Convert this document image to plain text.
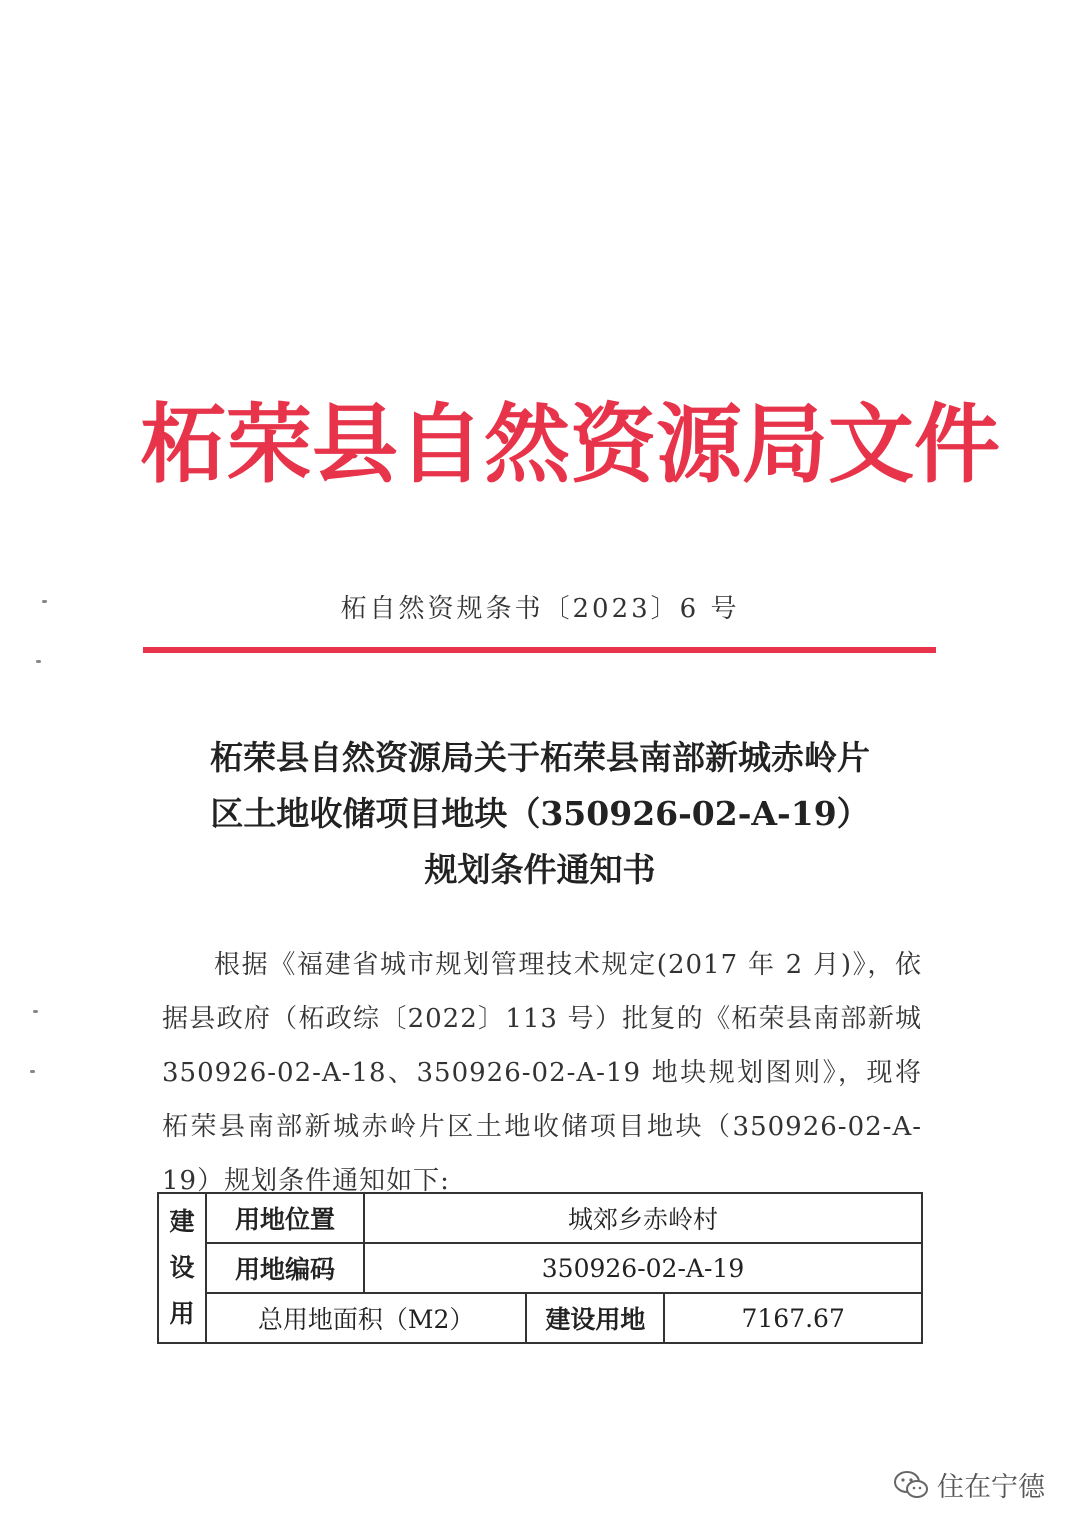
柘荣县自然资源局文件
柘自然资规条书〔2023〕6 号
柘荣县自然资源局关于柘荣县南部新城赤岭片
区土地收储项目地块（350926-02-A-19）
规划条件通知书
根据《福建省城市规划管理技术规定(2017 年 2 月)》，依据县政府（柘政综〔2022〕113 号）批复的《柘荣县南部新城 350926-02-A-18、350926-02-A-19 地块规划图则》，现将柘荣县南部新城赤岭片区土地收储项目地块（350926-02-A-19）规划条件通知如下:
建
设
用	用地位置	城郊乡赤岭村		
	用地编码	350926-02-A-19		
	总用地面积（M2）		建设用地	7167.67
住在宁德
